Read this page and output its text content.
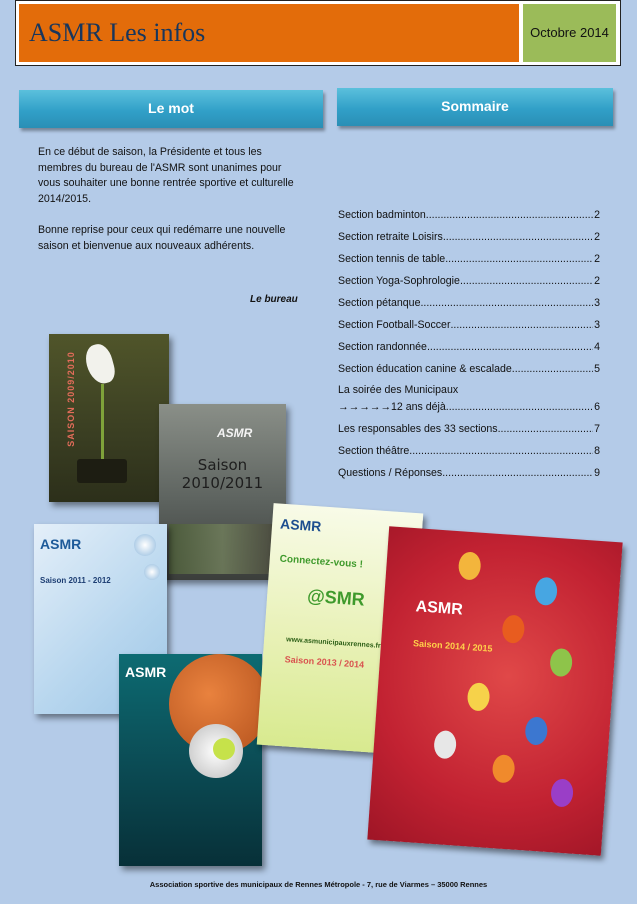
ASMR Les infos	Octobre 2014
Le mot	Sommaire

En ce début de saison, la Présidente et tous les membres du bureau de l'ASMR sont unanimes pour vous souhaiter une bonne rentrée sportive et culturelle 2014/2015.

Bonne reprise pour ceux qui redémarre une nouvelle saison et bienvenue aux nouveaux adhérents.

Le bureau
Section badminton .....	2
Section retraite Loisirs .....	2
Section tennis de table .....	2
Section Yoga-Sophrologie .....	2
Section pétanque .....	3
Section Football-Soccer .....	3
Section randonnée .....	4
Section éducation canine & escalade .....	5
La soirée des Municipaux
→→→→→12 ans déjà .....	6
Les responsables des 33 sections .....	7
Section théâtre .....	8
Questions / Réponses .....	9
SAISON 2009/2010	ASMR
Saison 2010/2011
ASMR
Saison 2011 - 2012
ASMR
ASMR
Connectez-vous !
@SMR
www.asmunicipauxrennes.fr
Saison 2013 / 2014
ASMR
Saison 2014 / 2015
Association sportive des municipaux de Rennes Métropole - 7, rue de Viarmes – 35000 Rennes
